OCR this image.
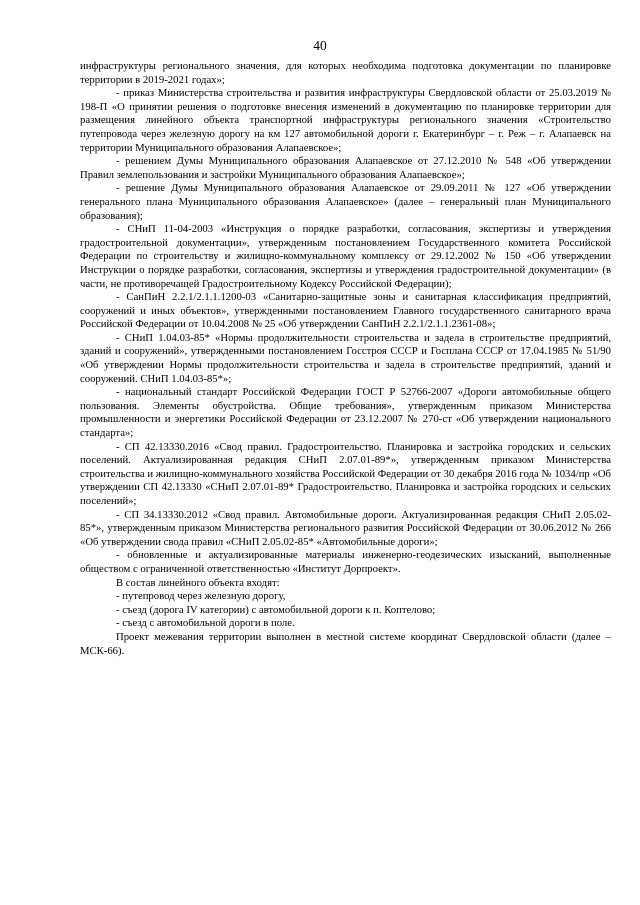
40

инфраструктуры регионального значения, для которых необходима подготовка документации по планировке территории в 2019-2021 годах»;

- приказ Министерства строительства и развития инфраструктуры Свердловской области от 25.03.2019 № 198-П «О принятии решения о подготовке внесения изменений в документацию по планировке территории для размещения линейного объекта транспортной инфраструктуры регионального значения «Строительство путепровода через железную дорогу на км 127 автомобильной дороги г. Екатеринбург – г. Реж – г. Алапаевск на территории Муниципального образования Алапаевское»;

- решением Думы Муниципального образования Алапаевское от 27.12.2010 № 548 «Об утверждении Правил землепользования и застройки Муниципального образования Алапаевское»;

- решение Думы Муниципального образования Алапаевское от 29.09.2011 № 127 «Об утверждении генерального плана Муниципального образования Алапаевское» (далее – генеральный план Муниципального образования);

- СНиП 11-04-2003 «Инструкция о порядке разработки, согласования, экспертизы и утверждения градостроительной документации», утвержденным постановлением Государственного комитета Российской Федерации по строительству и жилищно-коммунальному комплексу от 29.12.2002 № 150 «Об утверждении Инструкции о порядке разработки, согласования, экспертизы и утверждения градостроительной документации» (в части, не противоречащей Градостроительному Кодексу Российской Федерации);

- СанПиН 2.2.1/2.1.1.1200-03 «Санитарно-защитные зоны и санитарная классификация предприятий, сооружений и иных объектов», утвержденными постановлением Главного государственного санитарного врача Российской Федерации от 10.04.2008 № 25 «Об утверждении СанПиН 2.2.1/2.1.1.2361-08»;

- СНиП 1.04.03-85* «Нормы продолжительности строительства и задела в строительстве предприятий, зданий и сооружений», утвержденными постановлением Госстроя СССР и Госплана СССР от 17.04.1985 № 51/90 «Об утверждении Нормы продолжительности строительства и задела в строительстве предприятий, зданий и сооружений. СНиП 1.04.03-85*»;

- национальный стандарт Российской Федерации ГОСТ Р 52766-2007 «Дороги автомобильные общего пользования. Элементы обустройства. Общие требования», утвержденным приказом Министерства промышленности и энергетики Российской Федерации от 23.12.2007 № 270-ст «Об утверждении национального стандарта»;

- СП 42.13330.2016 «Свод правил. Градостроительство. Планировка и застройка городских и сельских поселений. Актуализированная редакция СНиП 2.07.01-89*», утвержденным приказом Министерства строительства и жилищно-коммунального хозяйства Российской Федерации от 30 декабря 2016 года № 1034/пр «Об утверждении СП 42.13330 «СНиП 2.07.01-89* Градостроительство. Планировка и застройка городских и сельских поселений»;

- СП 34.13330.2012 «Свод правил. Автомобильные дороги. Актуализированная редакция СНиП 2.05.02-85*», утвержденным приказом Министерства регионального развития Российской Федерации от 30.06.2012 № 266 «Об утверждении свода правил «СНиП 2.05.02-85* «Автомобильные дороги»;

- обновленные и актуализированные материалы инженерно-геодезических изысканий, выполненные обществом с ограниченной ответственностью «Институт Дорпроект».

В состав линейного объекта входят:

- путепровод через железную дорогу,

- съезд (дорога IV категории) с автомобильной дороги к п. Коптелово;

- съезд с автомобильной дороги в поле.

Проект межевания территории выполнен в местной системе координат Свердловской области (далее – МСК-66).
